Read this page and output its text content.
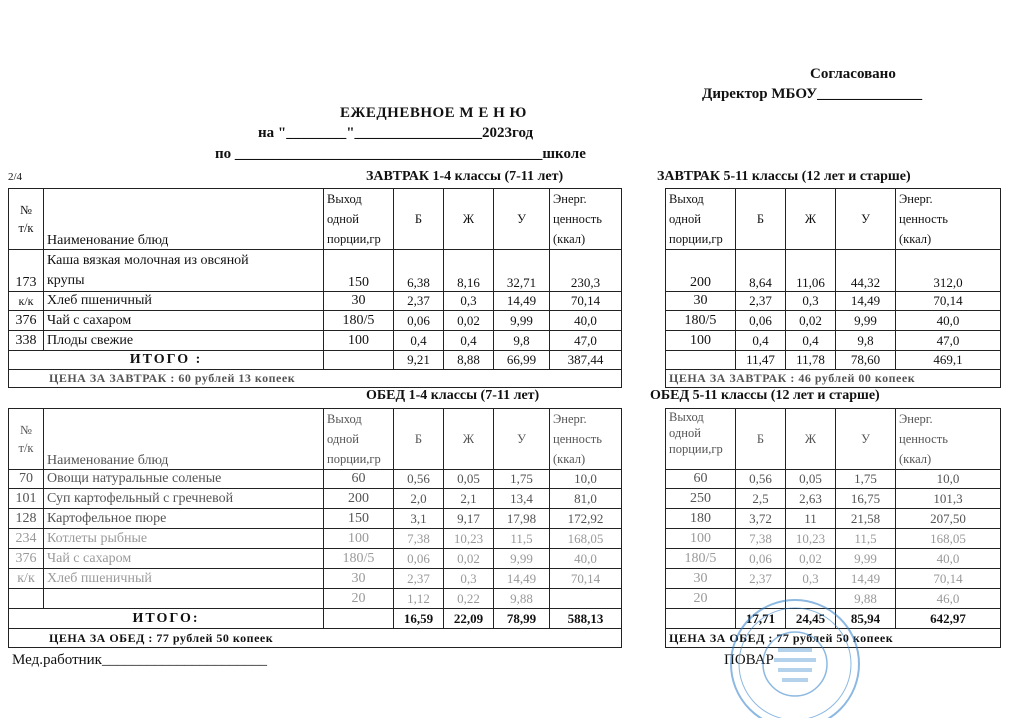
Согласовано
Директор МБОУ______________
ЕЖЕДНЕВНОЕ М Е Н Ю
на "________"_________________2023год
по _________________________________________школе
2/4	ЗАВТРАК 1-4 классы (7-11 лет)	ЗАВТРАК 5-11 классы (12 лет и старше)
№
т/к	Наименование блюд	Выход
одной
порции,гр	Б	Ж	У	Энерг.
ценность
(ккал)		Выход
одной
порции,гр	Б	Ж	У	Энерг.
ценность
(ккал)
173	Каша вязкая молочная из овсяной
крупы	150	6,38	8,16	32,71	230,3		200	8,64	11,06	44,32	312,0
к/к	Хлеб пшеничный	30	2,37	0,3	14,49	70,14		30	2,37	0,3	14,49	70,14
376	Чай с сахаром	180/5	0,06	0,02	9,99	40,0		180/5	0,06	0,02	9,99	40,0
338	Плоды свежие	100	0,4	0,4	9,8	47,0		100	0,4	0,4	9,8	47,0
ИТОГО :			9,21	8,88	66,99	387,44			11,47	11,78	78,60	469,1
ЦЕНА ЗА ЗАВТРАК : 60 рублей 13 копеек								ЦЕНА ЗА ЗАВТРАК : 46 рублей 00 копеек				
ОБЕД 1-4 классы (7-11 лет)	ОБЕД 5-11 классы (12 лет и старше)
№
т/к	Наименование блюд	Выход
одной
порции,гр	Б	Ж	У	Энерг.
ценность
(ккал)		Выход
одной
порции,гр	Б	Ж	У	Энерг.
ценность
(ккал)
70	Овощи натуральные соленые	60	0,56	0,05	1,75	10,0		60	0,56	0,05	1,75	10,0
101	Суп картофельный с гречневой	200	2,0	2,1	13,4	81,0		250	2,5	2,63	16,75	101,3
128	Картофельное пюре	150	3,1	9,17	17,98	172,92		180	3,72	11	21,58	207,50
234	Котлеты рыбные	100	7,38	10,23	11,5	168,05		100	7,38	10,23	11,5	168,05
376	Чай с сахаром	180/5	0,06	0,02	9,99	40,0		180/5	0,06	0,02	9,99	40,0
к/к	Хлеб пшеничный	30	2,37	0,3	14,49	70,14		30	2,37	0,3	14,49	70,14
		20	1,12	0,22	9,88			20			9,88	46,0
ИТОГО:			16,59	22,09	78,99	588,13			17,71	24,45	85,94	642,97
ЦЕНА ЗА ОБЕД : 77 рублей 50 копеек								ЦЕНА ЗА ОБЕД : 77 рублей 50 копеек				
Мед.работник______________________	ПОВАР
